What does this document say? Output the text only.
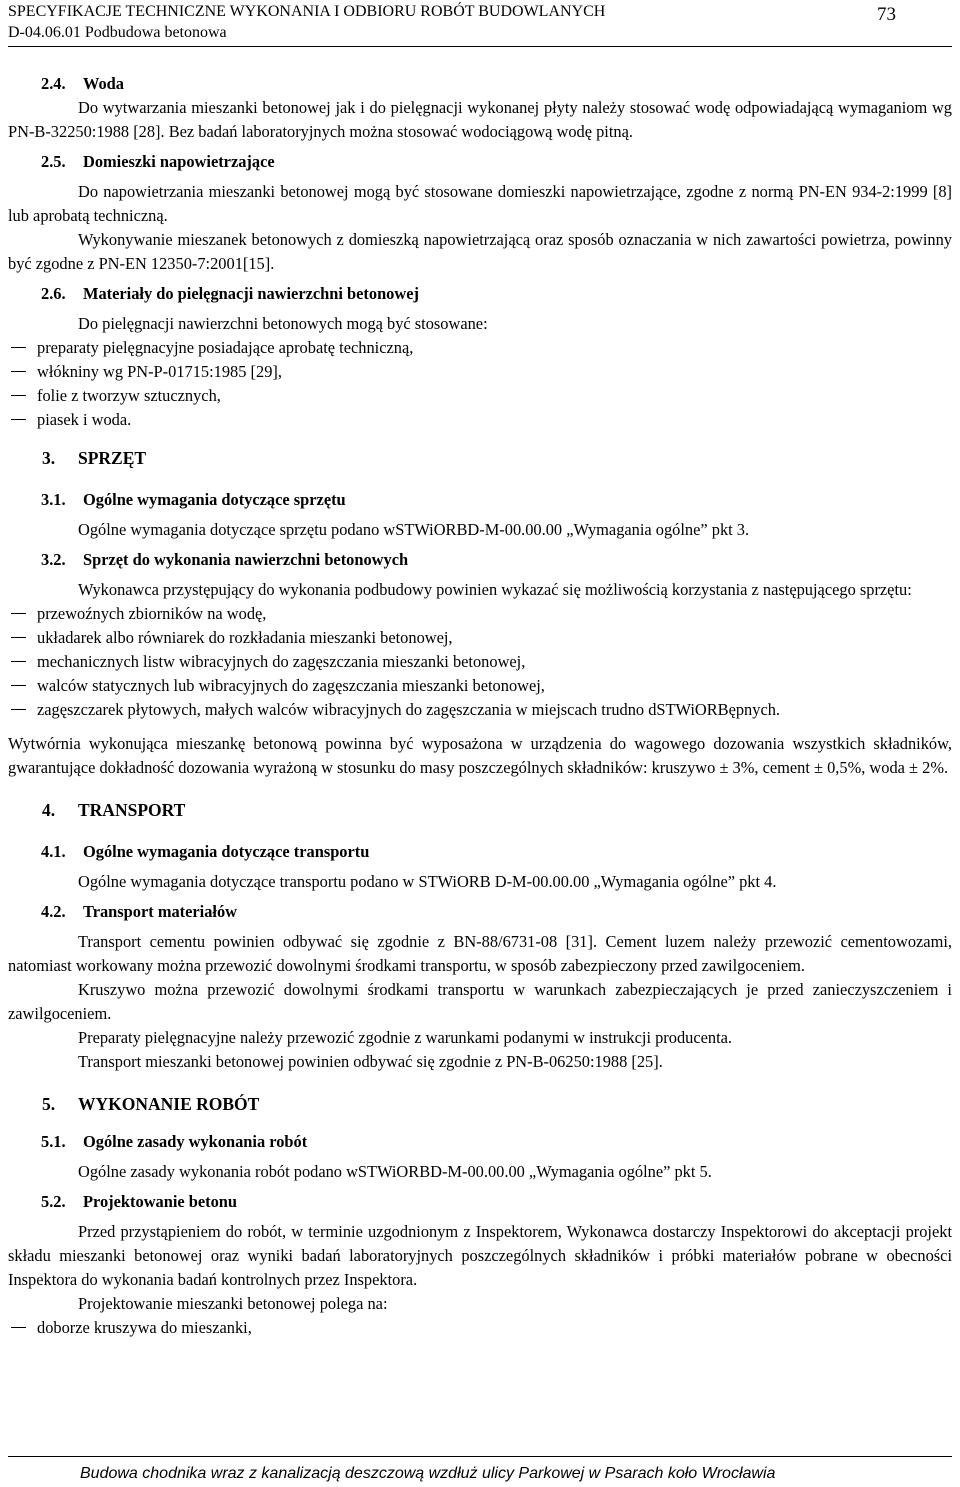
SPECYFIKACJE TECHNICZNE WYKONANIA I ODBIORU ROBÓT BUDOWLANYCH
D-04.06.01 Podbudowa betonowa
73
2.4. Woda

Do wytwarzania mieszanki betonowej jak i do pielęgnacji wykonanej płyty należy stosować wodę odpowiadającą wymaganiom wg PN-B-32250:1988 [28]. Bez badań laboratoryjnych można stosować wodociągową wodę pitną.

2.5. Domieszki napowietrzające

Do napowietrzania mieszanki betonowej mogą być stosowane domieszki napowietrzające, zgodne z normą PN-EN 934-2:1999 [8] lub aprobatą techniczną.

Wykonywanie mieszanek betonowych z domieszką napowietrzającą oraz sposób oznaczania w nich zawartości powietrza, powinny być zgodne z PN-EN 12350-7:2001[15].

2.6. Materiały do pielęgnacji nawierzchni betonowej

Do pielęgnacji nawierzchni betonowych mogą być stosowane:

preparaty pielęgnacyjne posiadające aprobatę techniczną,
włókniny wg PN-P-01715:1985 [29],
folie z tworzyw sztucznych,
piasek i woda.
3. SPRZĘT
3.1. Ogólne wymagania dotyczące sprzętu

Ogólne wymagania dotyczące sprzętu podano wSTWiORBD-M-00.00.00 „Wymagania ogólne” pkt 3.

3.2. Sprzęt do wykonania nawierzchni betonowych

Wykonawca przystępujący do wykonania podbudowy powinien wykazać się możliwością korzystania z następującego sprzętu:

przewoźnych zbiorników na wodę,
układarek albo równiarek do rozkładania mieszanki betonowej,
mechanicznych listw wibracyjnych do zagęszczania mieszanki betonowej,
walców statycznych lub wibracyjnych do zagęszczania mieszanki betonowej,
zagęszczarek płytowych, małych walców wibracyjnych do zagęszczania w miejscach trudno dSTWiORBępnych.

Wytwórnia wykonująca mieszankę betonową powinna być wyposażona w urządzenia do wagowego dozowania wszystkich składników, gwarantujące dokładność dozowania wyrażoną w stosunku do masy poszczególnych składników: kruszywo ± 3%, cement ± 0,5%, woda ± 2%.

4. TRANSPORT
4.1. Ogólne wymagania dotyczące transportu

Ogólne wymagania dotyczące transportu podano w STWiORB D-M-00.00.00 „Wymagania ogólne” pkt 4.

4.2. Transport materiałów

Transport cementu powinien odbywać się zgodnie z BN-88/6731-08 [31]. Cement luzem należy przewozić cementowozami, natomiast workowany można przewozić dowolnymi środkami transportu, w sposób zabezpieczony przed zawilgoceniem.

Kruszywo można przewozić dowolnymi środkami transportu w warunkach zabezpieczających je przed zanieczyszczeniem i zawilgoceniem.

Preparaty pielęgnacyjne należy przewozić zgodnie z warunkami podanymi w instrukcji producenta.

Transport mieszanki betonowej powinien odbywać się zgodnie z PN-B-06250:1988 [25].

5. WYKONANIE ROBÓT
5.1. Ogólne zasady wykonania robót

Ogólne zasady wykonania robót podano wSTWiORBD-M-00.00.00 „Wymagania ogólne” pkt 5.

5.2. Projektowanie betonu

Przed przystąpieniem do robót, w terminie uzgodnionym z Inspektorem, Wykonawca dostarczy Inspektorowi do akceptacji projekt składu mieszanki betonowej oraz wyniki badań laboratoryjnych poszczególnych składników i próbki materiałów pobrane w obecności Inspektora do wykonania badań kontrolnych przez Inspektora.

Projektowanie mieszanki betonowej polega na:

doborze kruszywa do mieszanki,
Budowa chodnika wraz z kanalizacją deszczową wzdłuż ulicy Parkowej w Psarach koło Wrocławia
